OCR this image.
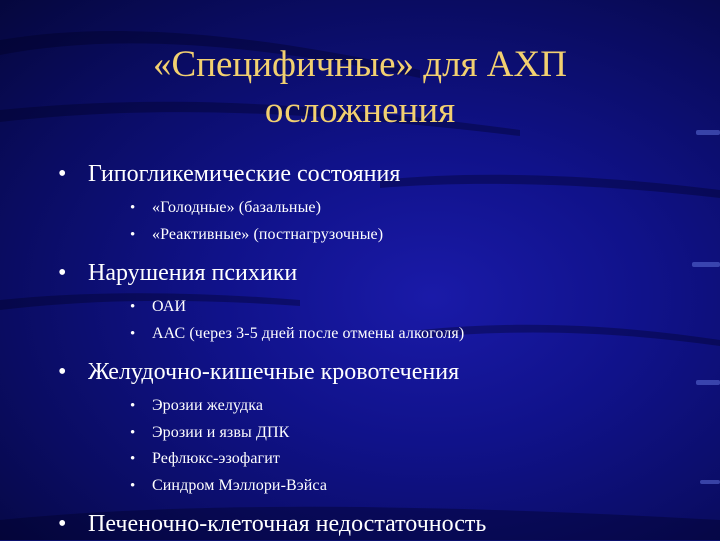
«Специфичные» для АХП
осложнения

• Гипогликемические состояния

• «Голодные» (базальные)

• «Реактивные» (постнагрузочные)

• Нарушения психики

• ОАИ

• ААС (через 3-5 дней после отмены алкоголя)

• Желудочно-кишечные кровотечения

• Эрозии желудка

• Эрозии и язвы ДПК

• Рефлюкс-эзофагит

• Синдром Мэллори-Вэйса

• Печеночно-клеточная недостаточность
